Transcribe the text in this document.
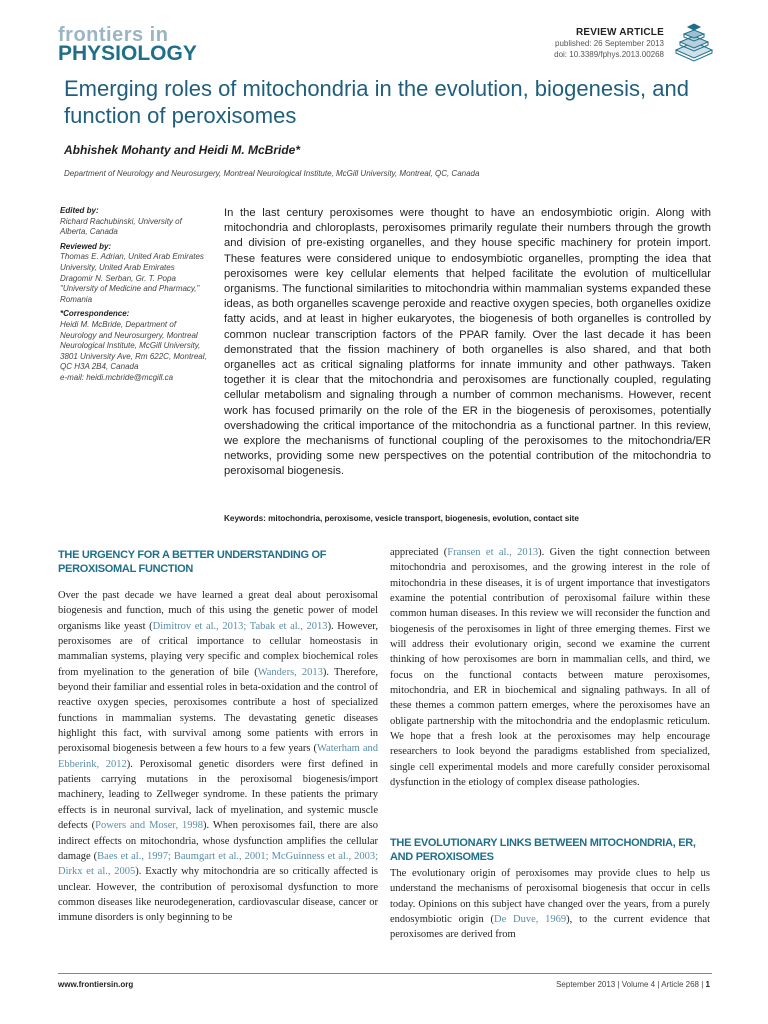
frontiers in
PHYSIOLOGY
REVIEW ARTICLE
published: 26 September 2013
doi: 10.3389/fphys.2013.00268
Emerging roles of mitochondria in the evolution, biogenesis, and function of peroxisomes
Abhishek Mohanty and Heidi M. McBride*
Department of Neurology and Neurosurgery, Montreal Neurological Institute, McGill University, Montreal, QC, Canada
Edited by:
Richard Rachubinski, University of Alberta, Canada
Reviewed by:
Thomas E. Adrian, United Arab Emirates University, United Arab Emirates
Dragomir N. Serban, Gr. T. Popa "University of Medicine and Pharmacy," Romania
*Correspondence:
Heidi M. McBride, Department of Neurology and Neurosurgery, Montreal Neurological Institute, McGill University, 3801 University Ave, Rm 622C, Montreal, QC H3A 2B4, Canada
e-mail: heidi.mcbride@mcgill.ca

In the last century peroxisomes were thought to have an endosymbiotic origin. Along with mitochondria and chloroplasts, peroxisomes primarily regulate their numbers through the growth and division of pre-existing organelles, and they house specific machinery for protein import. These features were considered unique to endosymbiotic organelles, prompting the idea that peroxisomes were key cellular elements that helped facilitate the evolution of multicellular organisms. The functional similarities to mitochondria within mammalian systems expanded these ideas, as both organelles scavenge peroxide and reactive oxygen species, both organelles oxidize fatty acids, and at least in higher eukaryotes, the biogenesis of both organelles is controlled by common nuclear transcription factors of the PPAR family. Over the last decade it has been demonstrated that the fission machinery of both organelles is also shared, and that both organelles act as critical signaling platforms for innate immunity and other pathways. Taken together it is clear that the mitochondria and peroxisomes are functionally coupled, regulating cellular metabolism and signaling through a number of common mechanisms. However, recent work has focused primarily on the role of the ER in the biogenesis of peroxisomes, potentially overshadowing the critical importance of the mitochondria as a functional partner. In this review, we explore the mechanisms of functional coupling of the peroxisomes to the mitochondria/ER networks, providing some new perspectives on the potential contribution of the mitochondria to peroxisomal biogenesis.

Keywords: mitochondria, peroxisome, vesicle transport, biogenesis, evolution, contact site
THE URGENCY FOR A BETTER UNDERSTANDING OF PEROXISOMAL FUNCTION

Over the past decade we have learned a great deal about peroxisomal biogenesis and function, much of this using the genetic power of model organisms like yeast (Dimitrov et al., 2013; Tabak et al., 2013). However, peroxisomes are of critical importance to cellular homeostasis in mammalian systems, playing very specific and complex biochemical roles from myelination to the generation of bile (Wanders, 2013). Therefore, beyond their familiar and essential roles in beta-oxidation and the control of reactive oxygen species, peroxisomes contribute a host of specialized functions in mammalian systems. The devastating genetic diseases highlight this fact, with survival among some patients with errors in peroxisomal biogenesis between a few hours to a few years (Waterham and Ebberink, 2012). Peroxisomal genetic disorders were first defined in patients carrying mutations in the peroxisomal biogenesis/import machinery, leading to Zellweger syndrome. In these patients the primary effects is in neuronal survival, lack of myelination, and systemic muscle defects (Powers and Moser, 1998). When peroxisomes fail, there are also indirect effects on mitochondria, whose dysfunction amplifies the cellular damage (Baes et al., 1997; Baumgart et al., 2001; McGuinness et al., 2003; Dirkx et al., 2005). Exactly why mitochondria are so critically affected is unclear. However, the contribution of peroxisomal dysfunction to more common diseases like neurodegeneration, cardiovascular disease, cancer or immune disorders is only beginning to be

appreciated (Fransen et al., 2013). Given the tight connection between mitochondria and peroxisomes, and the growing interest in the role of mitochondria in these diseases, it is of urgent importance that investigators examine the potential contribution of peroxisomal failure within these common human diseases. In this review we will reconsider the function and biogenesis of the peroxisomes in light of three emerging themes. First we will address their evolutionary origin, second we examine the current thinking of how peroxisomes are born in mammalian cells, and third, we focus on the functional contacts between mature peroxisomes, mitochondria, and ER in biochemical and signaling pathways. In all of these themes a common pattern emerges, where the peroxisomes have an obligate partnership with the mitochondria and the endoplasmic reticulum. We hope that a fresh look at the peroxisomes may help encourage researchers to look beyond the paradigms established from specialized, single cell experimental models and more carefully consider peroxisomal dysfunction in the etiology of complex disease pathologies.

THE EVOLUTIONARY LINKS BETWEEN MITOCHONDRIA, ER, AND PEROXISOMES

The evolutionary origin of peroxisomes may provide clues to help us understand the mechanisms of peroxisomal biogenesis that occur in cells today. Opinions on this subject have changed over the years, from a purely endosymbiotic origin (De Duve, 1969), to the current evidence that peroxisomes are derived from

www.frontiersin.org	September 2013 | Volume 4 | Article 268 | 1
